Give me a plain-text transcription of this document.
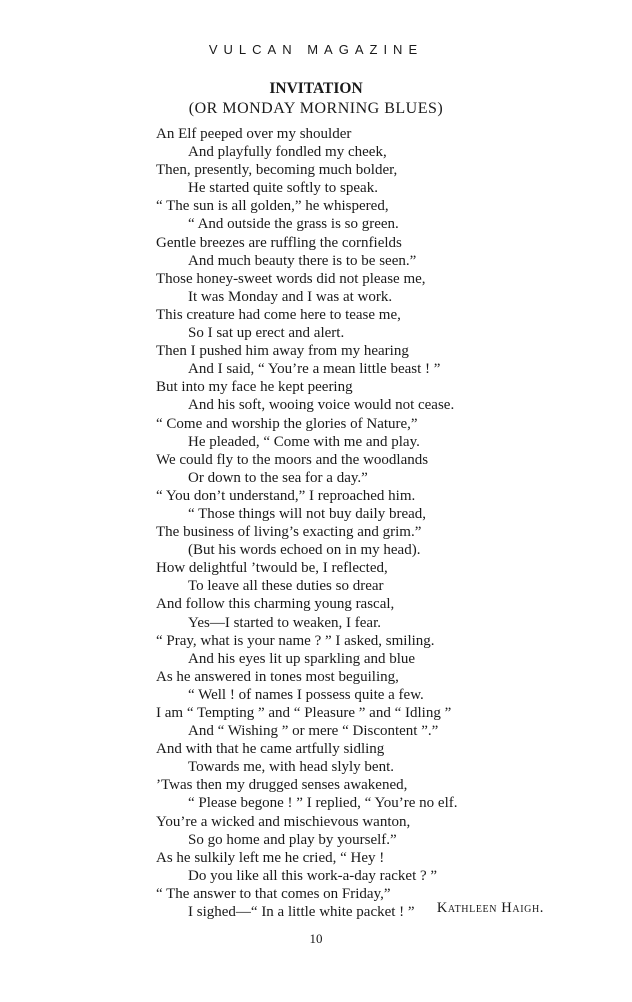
VULCAN MAGAZINE
INVITATION
(OR MONDAY MORNING BLUES)
An Elf peeped over my shoulder
And playfully fondled my cheek,
Then, presently, becoming much bolder,
He started quite softly to speak.
“ The sun is all golden,” he whispered,
“ And outside the grass is so green.
Gentle breezes are ruffling the cornfields
And much beauty there is to be seen.”
Those honey-sweet words did not please me,
It was Monday and I was at work.
This creature had come here to tease me,
So I sat up erect and alert.
Then I pushed him away from my hearing
And I said, “ You’re a mean little beast ! ”
But into my face he kept peering
And his soft, wooing voice would not cease.
“ Come and worship the glories of Nature,”
He pleaded, “ Come with me and play.
We could fly to the moors and the woodlands
Or down to the sea for a day.”
“ You don’t understand,” I reproached him.
“ Those things will not buy daily bread,
The business of living’s exacting and grim.”
(But his words echoed on in my head).
How delightful ’twould be, I reflected,
To leave all these duties so drear
And follow this charming young rascal,
Yes—I started to weaken, I fear.
“ Pray, what is your name ? ” I asked, smiling.
And his eyes lit up sparkling and blue
As he answered in tones most beguiling,
“ Well ! of names I possess quite a few.
I am “ Tempting ” and “ Pleasure ” and “ Idling ”
And “ Wishing ” or mere “ Discontent ”.”
And with that he came artfully sidling
Towards me, with head slyly bent.
’Twas then my drugged senses awakened,
“ Please begone ! ” I replied, “ You’re no elf.
You’re a wicked and mischievous wanton,
So go home and play by yourself.”
As he sulkily left me he cried, “ Hey !
Do you like all this work-a-day racket ? ”
“ The answer to that comes on Friday,”
I sighed—“ In a little white packet ! ”	Kathleen Haigh.
10
